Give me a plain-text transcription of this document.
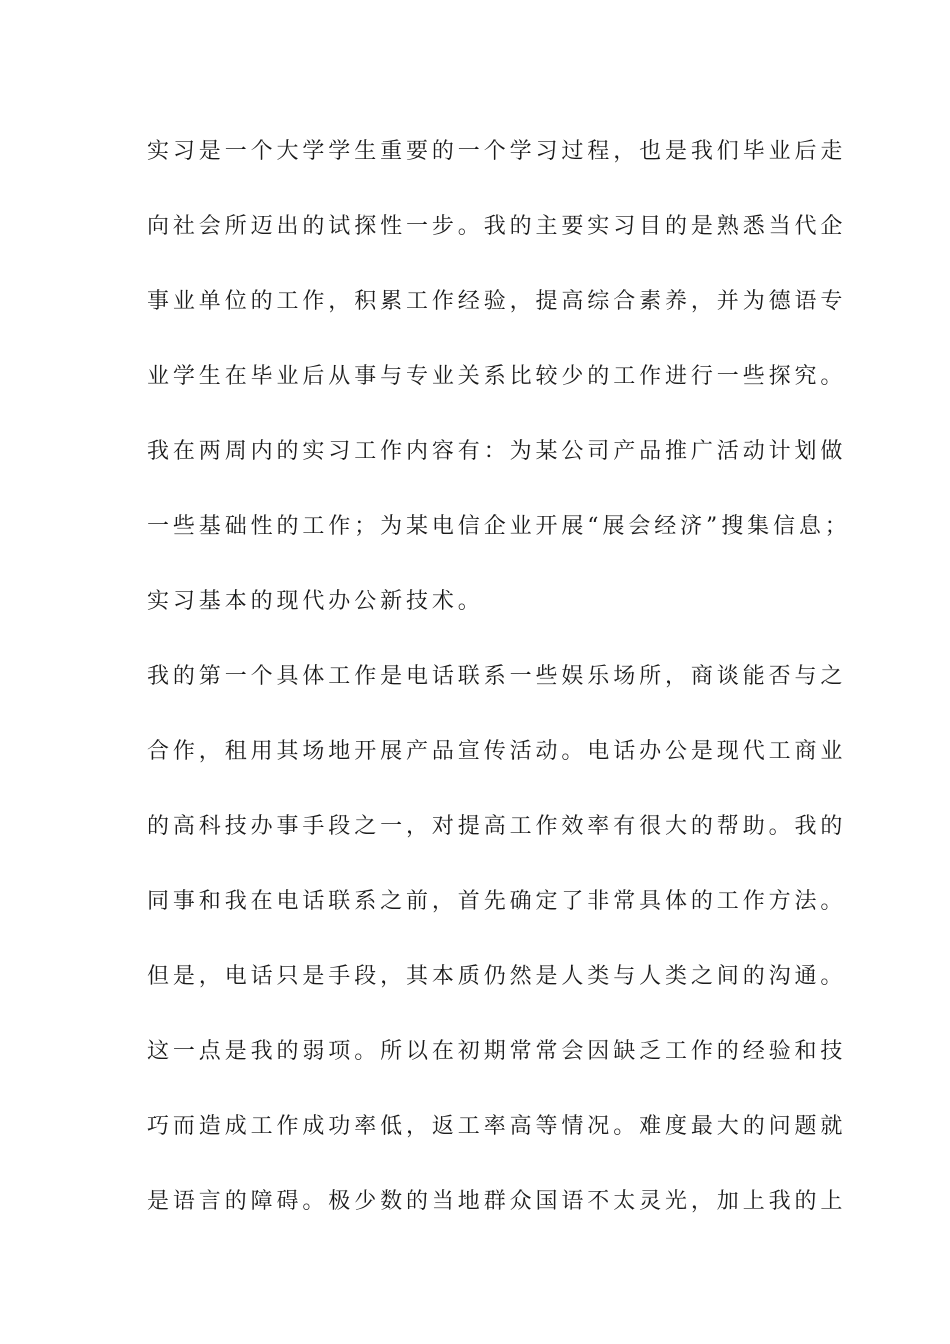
实习是一个大学学生重要的一个学习过程，也是我们毕业后走
向社会所迈出的试探性一步。我的主要实习目的是熟悉当代企
事业单位的工作，积累工作经验，提高综合素养，并为德语专
业学生在毕业后从事与专业关系比较少的工作进行一些探究。
我在两周内的实习工作内容有：为某公司产品推广活动计划做
一些基础性的工作；为某电信企业开展“展会经济”搜集信息；
实习基本的现代办公新技术。
我的第一个具体工作是电话联系一些娱乐场所，商谈能否与之
合作，租用其场地开展产品宣传活动。电话办公是现代工商业
的高科技办事手段之一，对提高工作效率有很大的帮助。我的
同事和我在电话联系之前，首先确定了非常具体的工作方法。
但是，电话只是手段，其本质仍然是人类与人类之间的沟通。
这一点是我的弱项。所以在初期常常会因缺乏工作的经验和技
巧而造成工作成功率低，返工率高等情况。难度最大的问题就
是语言的障碍。极少数的当地群众国语不太灵光，加上我的上
